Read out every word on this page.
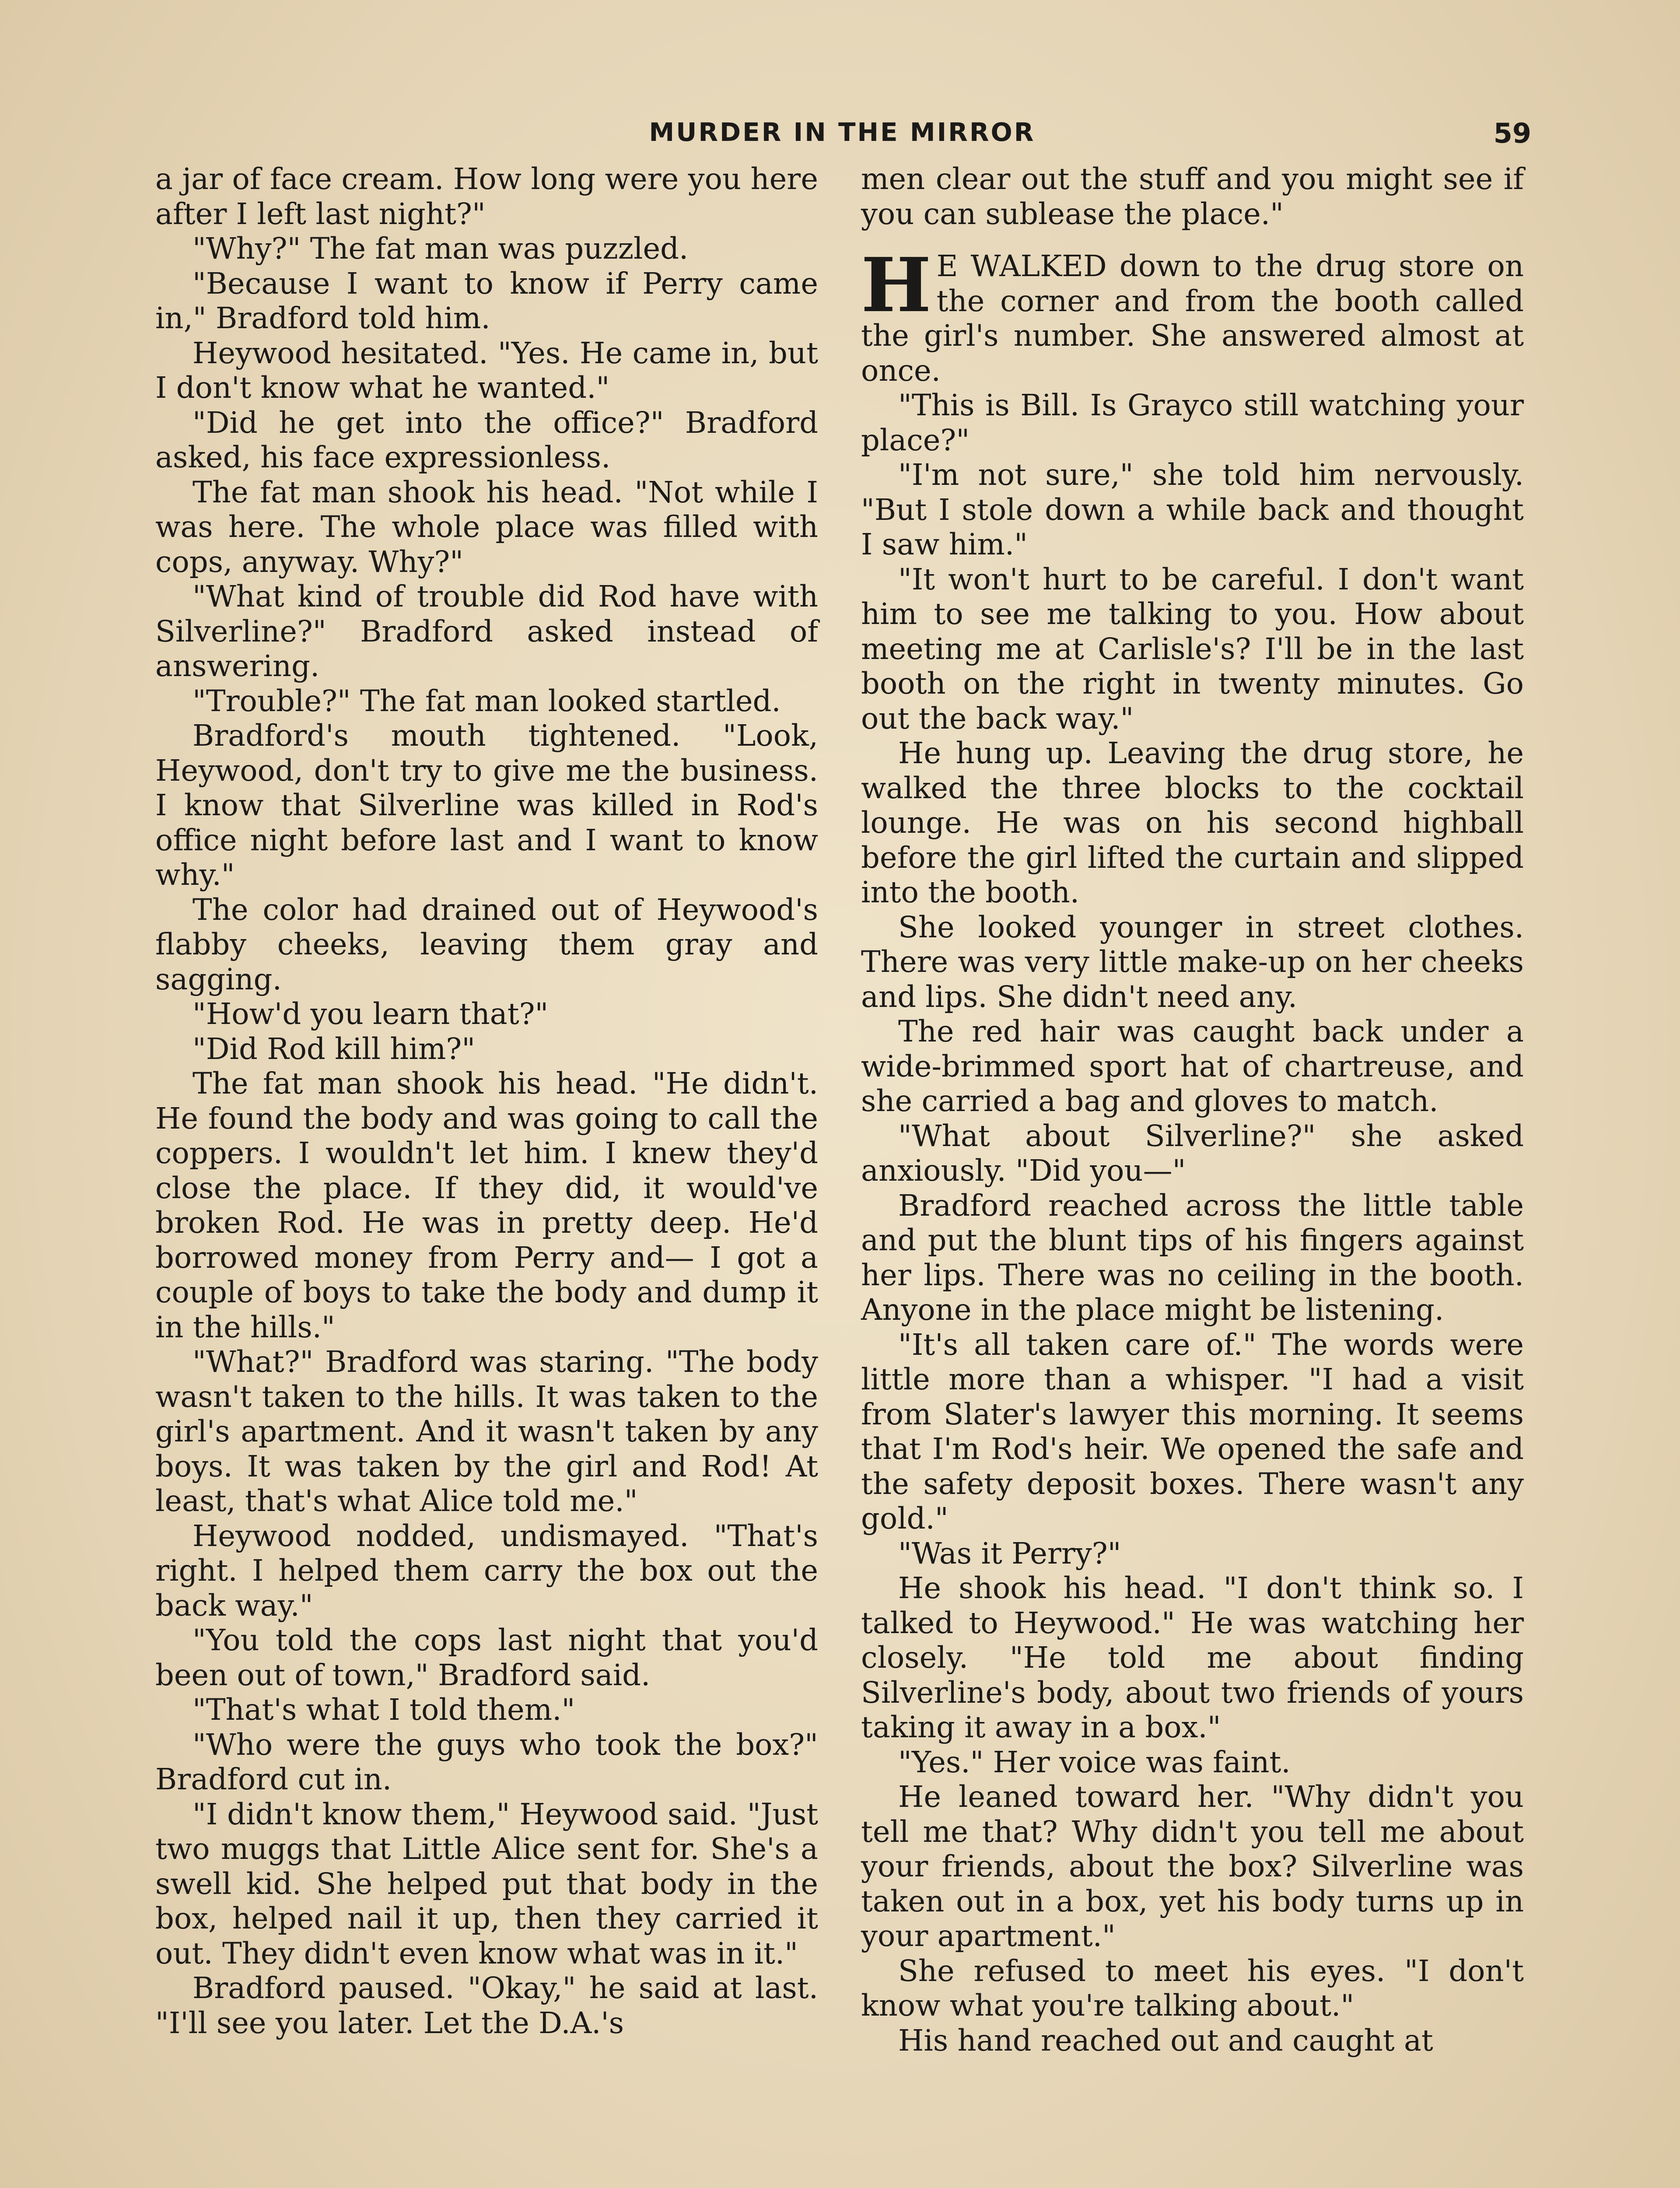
MURDER IN THE MIRROR	59

a jar of face cream. How long were you here after I left last night?"

"Why?" The fat man was puzzled.

"Because I want to know if Perry came in," Bradford told him.

Heywood hesitated. "Yes. He came in, but I don't know what he wanted."

"Did he get into the office?" Bradford asked, his face expressionless.

The fat man shook his head. "Not while I was here. The whole place was filled with cops, anyway. Why?"

"What kind of trouble did Rod have with Silverline?" Bradford asked instead of answering.

"Trouble?" The fat man looked startled.

Bradford's mouth tightened. "Look, Heywood, don't try to give me the business. I know that Silverline was killed in Rod's office night before last and I want to know why."

The color had drained out of Heywood's flabby cheeks, leaving them gray and sagging.

"How'd you learn that?"

"Did Rod kill him?"

The fat man shook his head. "He didn't. He found the body and was going to call the coppers. I wouldn't let him. I knew they'd close the place. If they did, it would've broken Rod. He was in pretty deep. He'd borrowed money from Perry and— I got a couple of boys to take the body and dump it in the hills."

"What?" Bradford was staring. "The body wasn't taken to the hills. It was taken to the girl's apartment. And it wasn't taken by any boys. It was taken by the girl and Rod! At least, that's what Alice told me."

Heywood nodded, undismayed. "That's right. I helped them carry the box out the back way."

"You told the cops last night that you'd been out of town," Bradford said.

"That's what I told them."

"Who were the guys who took the box?" Bradford cut in.

"I didn't know them," Heywood said. "Just two muggs that Little Alice sent for. She's a swell kid. She helped put that body in the box, helped nail it up, then they carried it out. They didn't even know what was in it."

Bradford paused. "Okay," he said at last. "I'll see you later. Let the D.A.'s

men clear out the stuff and you might see if you can sublease the place."

H E WALKED down to the drug store on the corner and from the booth called the girl's number. She answered almost at once.

"This is Bill. Is Grayco still watching your place?"

"I'm not sure," she told him nervously. "But I stole down a while back and thought I saw him."

"It won't hurt to be careful. I don't want him to see me talking to you. How about meeting me at Carlisle's? I'll be in the last booth on the right in twenty minutes. Go out the back way."

He hung up. Leaving the drug store, he walked the three blocks to the cocktail lounge. He was on his second highball before the girl lifted the curtain and slipped into the booth.

She looked younger in street clothes. There was very little make-up on her cheeks and lips. She didn't need any.

The red hair was caught back under a wide-brimmed sport hat of chartreuse, and she carried a bag and gloves to match.

"What about Silverline?" she asked anxiously. "Did you—"

Bradford reached across the little table and put the blunt tips of his fingers against her lips. There was no ceiling in the booth. Anyone in the place might be listening.

"It's all taken care of." The words were little more than a whisper. "I had a visit from Slater's lawyer this morning. It seems that I'm Rod's heir. We opened the safe and the safety deposit boxes. There wasn't any gold."

"Was it Perry?"

He shook his head. "I don't think so. I talked to Heywood." He was watching her closely. "He told me about finding Silverline's body, about two friends of yours taking it away in a box."

"Yes." Her voice was faint.

He leaned toward her. "Why didn't you tell me that? Why didn't you tell me about your friends, about the box? Silverline was taken out in a box, yet his body turns up in your apartment."

She refused to meet his eyes. "I don't know what you're talking about."

His hand reached out and caught at
